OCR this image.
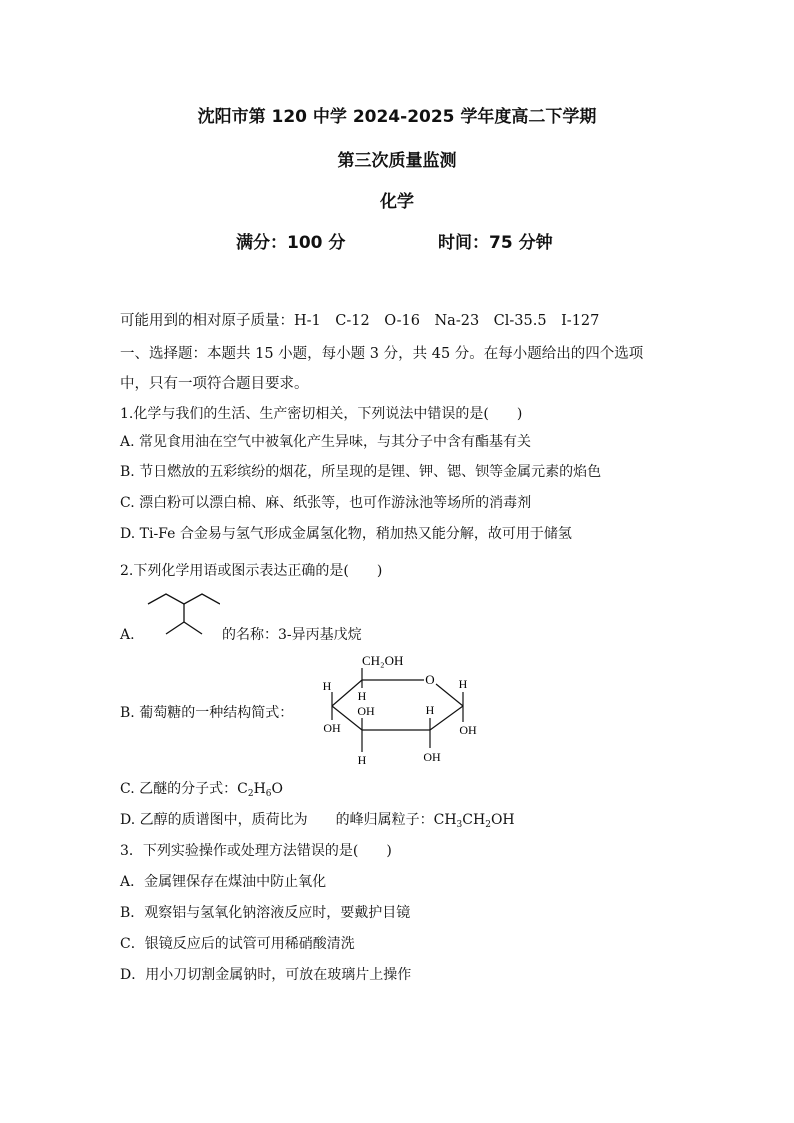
沈阳市第 120 中学 2024-2025 学年度高二下学期
第三次质量监测
化学
满分：100 分	时间：75 分钟
可能用到的相对原子质量：H-1　C-12　O-16　Na-23　Cl-35.5　I-127
一、选择题：本题共 15 小题，每小题 3 分，共 45 分。在每小题给出的四个选项
中，只有一项符合题目要求。
1.化学与我们的生活、生产密切相关，下列说法中错误的是(　　)
A. 常见食用油在空气中被氧化产生异味，与其分子中含有酯基有关
B. 节日燃放的五彩缤纷的烟花，所呈现的是锂、钾、锶、钡等金属元素的焰色
C. 漂白粉可以漂白棉、麻、纸张等，也可作游泳池等场所的消毒剂
D. Ti-Fe 合金易与氢气形成金属氢化物，稍加热又能分解，故可用于储氢
2.下列化学用语或图示表达正确的是(　　)
A.	的名称：3-异丙基戊烷
B. 葡萄糖的一种结构简式：
CH₂OH
O
H
H
H
OH	H
OH	OH
H	OH
C. 乙醚的分子式：$C_2H_6O$
D. 乙醇的质谱图中，质荷比为　　的峰归属粒子：$CH_3CH_2OH$
3．下列实验操作或处理方法错误的是(　　)
A．金属锂保存在煤油中防止氧化
B．观察铝与氢氧化钠溶液反应时，要戴护目镜
C．银镜反应后的试管可用稀硝酸清洗
D．用小刀切割金属钠时，可放在玻璃片上操作
